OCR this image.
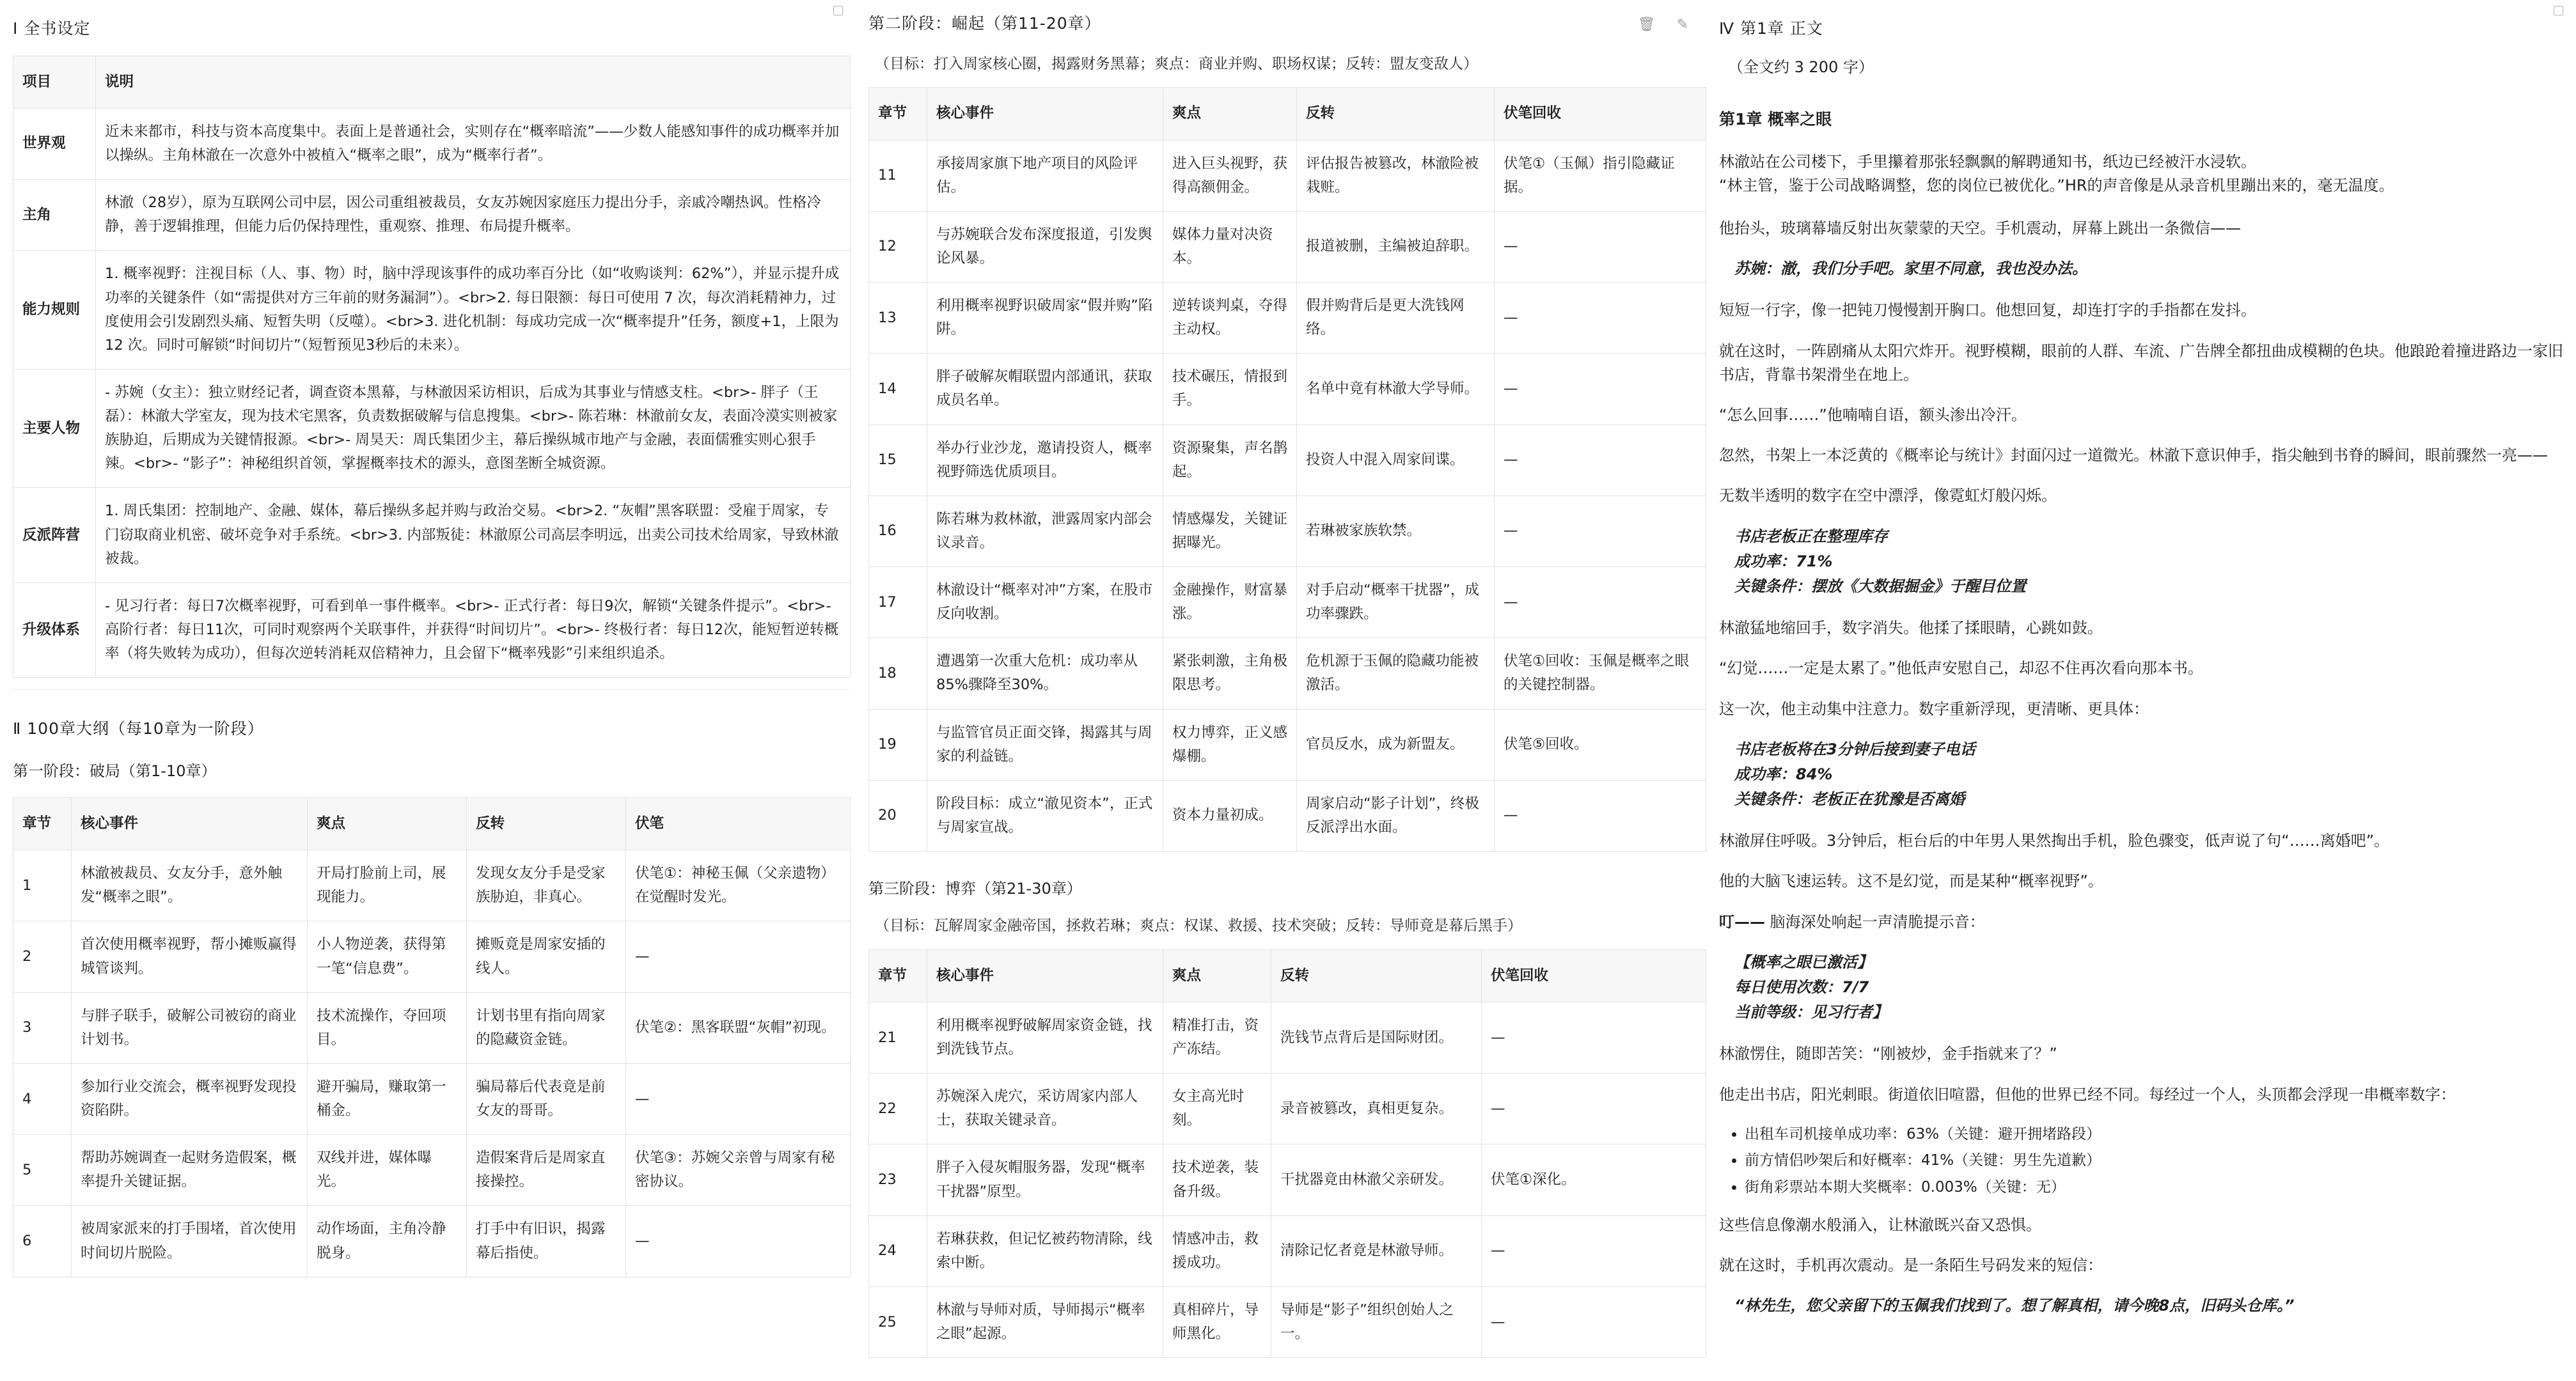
▢
Ⅰ 全书设定
项目	说明
世界观	近未来都市，科技与资本高度集中。表面上是普通社会，实则存在“概率暗流”——少数人能感知事件的成功概率并加以操纵。主角林澈在一次意外中被植入“概率之眼”，成为“概率行者”。
主角	林澈（28岁），原为互联网公司中层，因公司重组被裁员，女友苏婉因家庭压力提出分手，亲戚冷嘲热讽。性格冷静，善于逻辑推理，但能力后仍保持理性，重观察、推理、布局提升概率。
能力规则	1. 概率视野：注视目标（人、事、物）时，脑中浮现该事件的成功率百分比（如“收购谈判：62%”），并显示提升成功率的关键条件（如“需提供对方三年前的财务漏洞”）。<br>2. 每日限额：每日可使用 7 次，每次消耗精神力，过度使用会引发剧烈头痛、短暂失明（反噬）。<br>3. 进化机制：每成功完成一次“概率提升”任务，额度+1，上限为 12 次。同时可解锁“时间切片”（短暂预见3秒后的未来）。
主要人物	- 苏婉（女主）：独立财经记者，调查资本黑幕，与林澈因采访相识，后成为其事业与情感支柱。<br>- 胖子（王磊）：林澈大学室友，现为技术宅黑客，负责数据破解与信息搜集。<br>- 陈若琳：林澈前女友，表面冷漠实则被家族胁迫，后期成为关键情报源。<br>- 周昊天：周氏集团少主，幕后操纵城市地产与金融，表面儒雅实则心狠手辣。<br>- “影子”：神秘组织首领，掌握概率技术的源头，意图垄断全城资源。
反派阵营	1. 周氏集团：控制地产、金融、媒体，幕后操纵多起并购与政治交易。<br>2. “灰帽”黑客联盟：受雇于周家，专门窃取商业机密、破坏竞争对手系统。<br>3. 内部叛徒：林澈原公司高层李明远，出卖公司技术给周家，导致林澈被裁。
升级体系	- 见习行者：每日7次概率视野，可看到单一事件概率。<br>- 正式行者：每日9次，解锁“关键条件提示”。<br>- 高阶行者：每日11次，可同时观察两个关联事件，并获得“时间切片”。<br>- 终极行者：每日12次，能短暂逆转概率（将失败转为成功），但每次逆转消耗双倍精神力，且会留下“概率残影”引来组织追杀。
Ⅱ 100章大纲（每10章为一阶段）
第一阶段：破局（第1-10章）
章节	核心事件	爽点	反转	伏笔
1	林澈被裁员、女友分手，意外触发“概率之眼”。	开局打脸前上司，展现能力。	发现女友分手是受家族胁迫，非真心。	伏笔①：神秘玉佩（父亲遗物）在觉醒时发光。
2	首次使用概率视野，帮小摊贩赢得城管谈判。	小人物逆袭，获得第一笔“信息费”。	摊贩竟是周家安插的线人。	—
3	与胖子联手，破解公司被窃的商业计划书。	技术流操作，夺回项目。	计划书里有指向周家的隐藏资金链。	伏笔②：黑客联盟“灰帽”初现。
4	参加行业交流会，概率视野发现投资陷阱。	避开骗局，赚取第一桶金。	骗局幕后代表竟是前女友的哥哥。	—
5	帮助苏婉调查一起财务造假案，概率提升关键证据。	双线并进，媒体曝光。	造假案背后是周家直接操控。	伏笔③：苏婉父亲曾与周家有秘密协议。
6	被周家派来的打手围堵，首次使用时间切片脱险。	动作场面，主角冷静脱身。	打手中有旧识，揭露幕后指使。	—
第二阶段：崛起（第11-20章）	🗑 ✎
（目标：打入周家核心圈，揭露财务黑幕；爽点：商业并购、职场权谋；反转：盟友变敌人）
章节	核心事件	爽点	反转	伏笔回收
11	承接周家旗下地产项目的风险评估。	进入巨头视野，获得高额佣金。	评估报告被篡改，林澈险被栽赃。	伏笔①（玉佩）指引隐藏证据。
12	与苏婉联合发布深度报道，引发舆论风暴。	媒体力量对决资本。	报道被删，主编被迫辞职。	—
13	利用概率视野识破周家“假并购”陷阱。	逆转谈判桌，夺得主动权。	假并购背后是更大洗钱网络。	—
14	胖子破解灰帽联盟内部通讯，获取成员名单。	技术碾压，情报到手。	名单中竟有林澈大学导师。	—
15	举办行业沙龙，邀请投资人，概率视野筛选优质项目。	资源聚集，声名鹊起。	投资人中混入周家间谍。	—
16	陈若琳为救林澈，泄露周家内部会议录音。	情感爆发，关键证据曝光。	若琳被家族软禁。	—
17	林澈设计“概率对冲”方案，在股市反向收割。	金融操作，财富暴涨。	对手启动“概率干扰器”，成功率骤跌。	—
18	遭遇第一次重大危机：成功率从85%骤降至30%。	紧张刺激，主角极限思考。	危机源于玉佩的隐藏功能被激活。	伏笔①回收：玉佩是概率之眼的关键控制器。
19	与监管官员正面交锋，揭露其与周家的利益链。	权力博弈，正义感爆棚。	官员反水，成为新盟友。	伏笔⑤回收。
20	阶段目标：成立“澈见资本”，正式与周家宣战。	资本力量初成。	周家启动“影子计划”，终极反派浮出水面。	—
第三阶段：博弈（第21-30章）
（目标：瓦解周家金融帝国，拯救若琳；爽点：权谋、救援、技术突破；反转：导师竟是幕后黑手）
章节	核心事件	爽点	反转	伏笔回收
21	利用概率视野破解周家资金链，找到洗钱节点。	精准打击，资产冻结。	洗钱节点背后是国际财团。	—
22	苏婉深入虎穴，采访周家内部人士，获取关键录音。	女主高光时刻。	录音被篡改，真相更复杂。	—
23	胖子入侵灰帽服务器，发现“概率干扰器”原型。	技术逆袭，装备升级。	干扰器竟由林澈父亲研发。	伏笔①深化。
24	若琳获救，但记忆被药物清除，线索中断。	情感冲击，救援成功。	清除记忆者竟是林澈导师。	—
25	林澈与导师对质，导师揭示“概率之眼”起源。	真相碎片，导师黑化。	导师是“影子”组织创始人之一。	—
▢
Ⅳ 第1章 正文

（全文约 3 200 字）

第1章 概率之眼
林澈站在公司楼下，手里攥着那张轻飘飘的解聘通知书，纸边已经被汗水浸软。
“林主管，鉴于公司战略调整，您的岗位已被优化。”HR的声音像是从录音机里蹦出来的，毫无温度。

他抬头，玻璃幕墙反射出灰蒙蒙的天空。手机震动，屏幕上跳出一条微信——

苏婉：澈，我们分手吧。家里不同意，我也没办法。

短短一行字，像一把钝刀慢慢割开胸口。他想回复，却连打字的手指都在发抖。

就在这时，一阵剧痛从太阳穴炸开。视野模糊，眼前的人群、车流、广告牌全都扭曲成模糊的色块。他踉跄着撞进路边一家旧书店，背靠书架滑坐在地上。

“怎么回事……”他喃喃自语，额头渗出冷汗。

忽然，书架上一本泛黄的《概率论与统计》封面闪过一道微光。林澈下意识伸手，指尖触到书脊的瞬间，眼前骤然一亮——

无数半透明的数字在空中漂浮，像霓虹灯般闪烁。

书店老板正在整理库存
成功率：71%
关键条件：摆放《大数据掘金》于醒目位置

林澈猛地缩回手，数字消失。他揉了揉眼睛，心跳如鼓。

“幻觉……一定是太累了。”他低声安慰自己，却忍不住再次看向那本书。

这一次，他主动集中注意力。数字重新浮现，更清晰、更具体：

书店老板将在3分钟后接到妻子电话
成功率：84%
关键条件：老板正在犹豫是否离婚

林澈屏住呼吸。3分钟后，柜台后的中年男人果然掏出手机，脸色骤变，低声说了句“……离婚吧”。

他的大脑飞速运转。这不是幻觉，而是某种“概率视野”。

叮—— 脑海深处响起一声清脆提示音：

【概率之眼已激活】
每日使用次数：7/7
当前等级：见习行者】

林澈愣住，随即苦笑：“刚被炒，金手指就来了？”

他走出书店，阳光刺眼。街道依旧喧嚣，但他的世界已经不同。每经过一个人，头顶都会浮现一串概率数字：

• 出租车司机接单成功率：63%（关键：避开拥堵路段）
• 前方情侣吵架后和好概率：41%（关键：男生先道歉）
• 街角彩票站本期大奖概率：0.003%（关键：无）

这些信息像潮水般涌入，让林澈既兴奋又恐惧。

就在这时，手机再次震动。是一条陌生号码发来的短信：

“林先生，您父亲留下的玉佩我们找到了。想了解真相，请今晚8点，旧码头仓库。”
